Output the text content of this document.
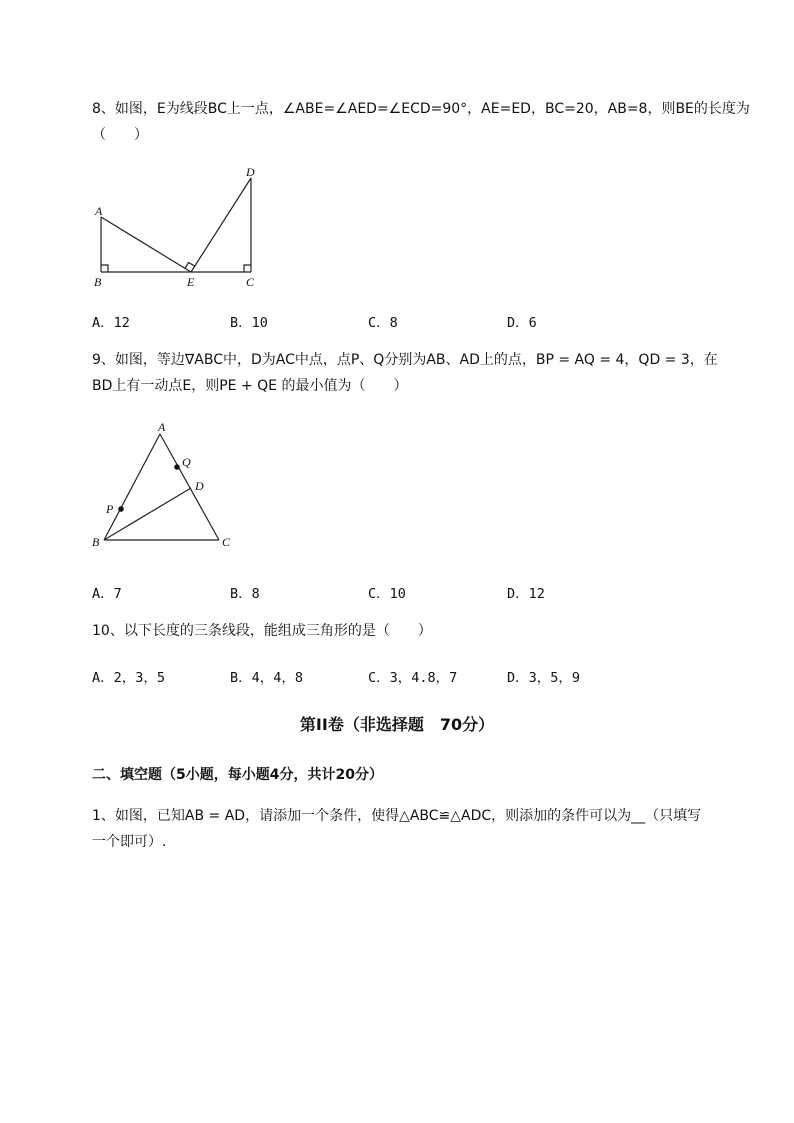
8、如图，E为线段BC上一点，∠ABE=∠AED=∠ECD=90°，AE=ED，BC=20，AB=8，则BE的长度为
（　　）
A
B	E	C
D
A．12	B．10	C．8	D．6
9、如图，等边∇ABC中，D为AC中点，点P、Q分别为AB、AD上的点，BP = AQ = 4，QD = 3，在
BD上有一动点E，则PE + QE 的最小值为（　　）
A
Q
D
P
B	C
A．7	B．8	C．10	D．12
10、以下长度的三条线段，能组成三角形的是（　　）
A．2，3，5	B．4，4，8	C．3，4.8，7	D．3，5，9
第II卷（非选择题　70分）
二、填空题（5小题，每小题4分，共计20分）
1、如图，已知AB = AD，请添加一个条件，使得△ABC≌△ADC，则添加的条件可以为__（只填写
一个即可）.
